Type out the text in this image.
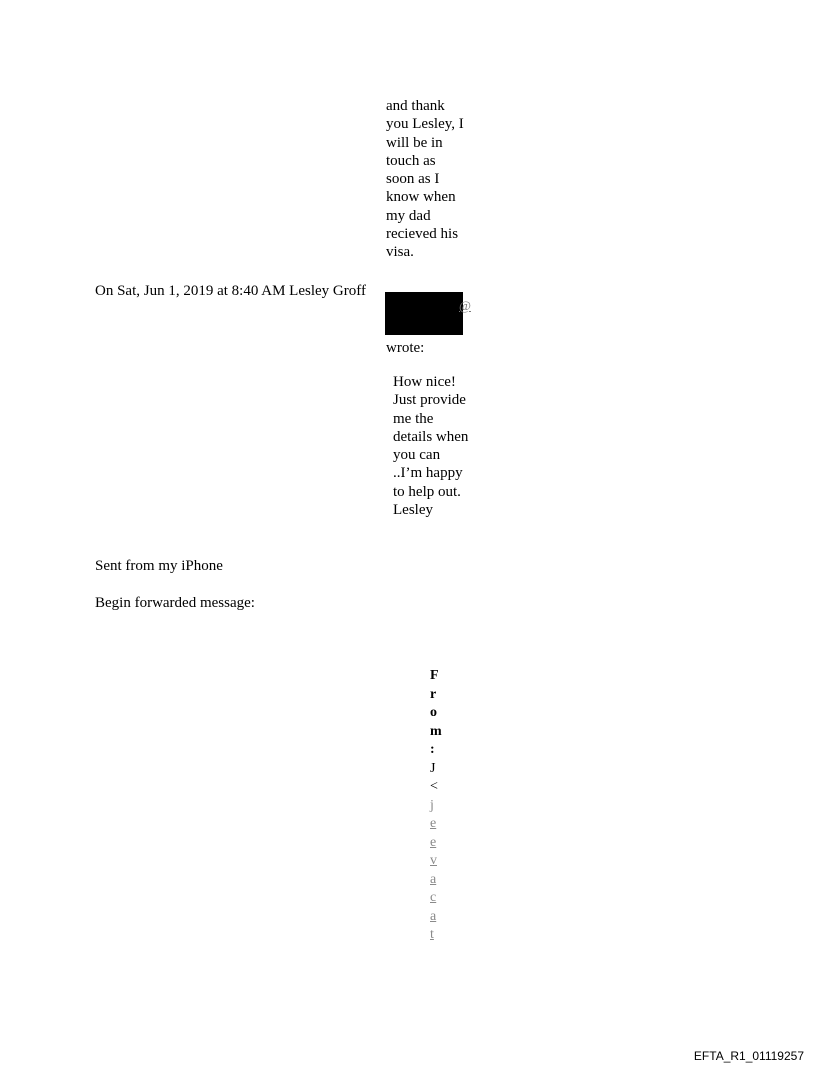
and thank
you Lesley, I
will be in
touch as
soon as I
know when
my dad
recieved his
visa.
On Sat, Jun 1, 2019 at 8:40 AM Lesley Groff
@
wrote:
How nice!
Just provide
me the
details when
you can
..I’m happy
to help out.
Lesley
Sent from my iPhone
Begin forwarded message:
F
r
o
m
:
J
<
j
e
e
v
a
c
a
t
EFTA_R1_01119257
